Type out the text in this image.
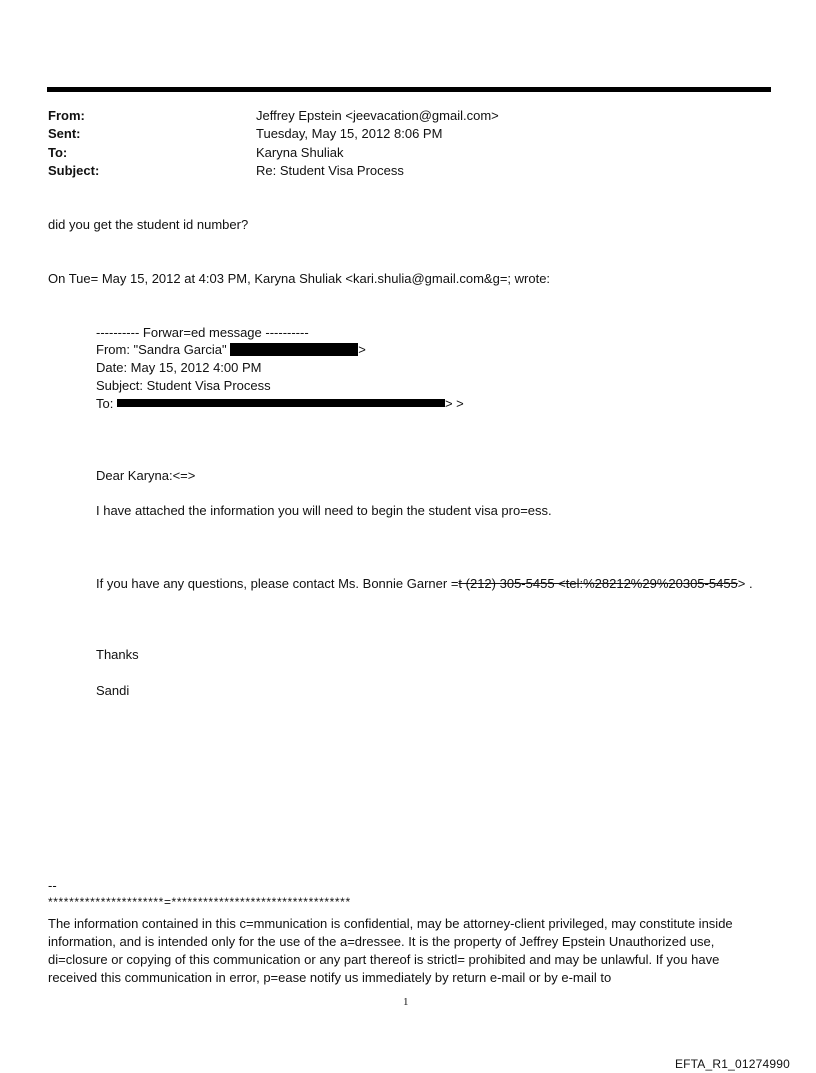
From:	Jeffrey Epstein <jeevacation@gmail.com>
Sent:	Tuesday, May 15, 2012 8:06 PM
To:	Karyna Shuliak
Subject:	Re: Student Visa Process
did you get the student id number?
On Tue= May 15, 2012 at 4:03 PM, Karyna Shuliak <kari.shulia@gmail.com&g=; wrote:
---------- Forwar=ed message ----------
From: "Sandra Garcia"	>
Date: May 15, 2012 4:00 PM
Subject: Student Visa Process
To:	> >
Dear Karyna:<=>
I have attached the information you will need to begin the student visa pro=ess.
If you have any questions, please contact Ms. Bonnie Garner =t (212) 305-5455 <tel:%28212%29%20305-5455> .
Thanks
Sandi
--
**********************=**********************************
The information contained in this c=mmunication is confidential, may be attorney-client privileged, may constitute inside information, and is intended only for the use of the a=dressee. It is the property of Jeffrey Epstein Unauthorized use, di=closure or copying of this communication or any part thereof is strictl= prohibited and may be unlawful. If you have received this communication in error, p=ease notify us immediately by return e-mail or by e-mail to
1
EFTA_R1_01274990
